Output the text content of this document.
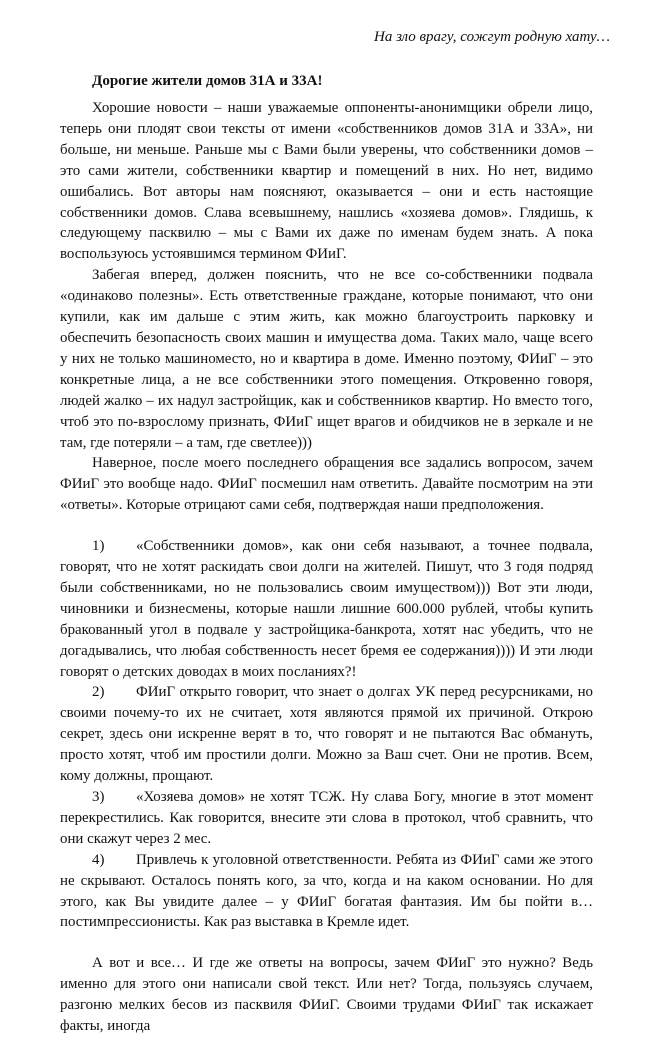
На зло врагу, сожгут родную хату…
Дорогие жители домов 31А и 33А!

Хорошие новости – наши уважаемые оппоненты-анонимщики обрели лицо, теперь они плодят свои тексты от имени «собственников домов 31А и 33А», ни больше, ни меньше. Раньше мы с Вами были уверены, что собственники домов – это сами жители, собственники квартир и помещений в них. Но нет, видимо ошибались. Вот авторы нам поясняют, оказывается – они и есть настоящие собственники домов. Слава всевышнему, нашлись «хозяева домов». Глядишь, к следующему пасквилю – мы с Вами их даже по именам будем знать. А пока воспользуюсь устоявшимся термином ФИиГ.

Забегая вперед, должен пояснить, что не все со-собственники подвала «одинаково полезны». Есть ответственные граждане, которые понимают, что они купили, как им дальше с этим жить, как можно благоустроить парковку и обеспечить безопасность своих машин и имущества дома. Таких мало, чаще всего у них не только машиноместо, но и квартира в доме. Именно поэтому, ФИиГ – это конкретные лица, а не все собственники этого помещения. Откровенно говоря, людей жалко – их надул застройщик, как и собственников квартир. Но вместо того, чтоб это по-взрослому признать, ФИиГ ищет врагов и обидчиков не в зеркале и не там, где потеряли – а там, где светлее)))

Наверное, после моего последнего обращения все задались вопросом, зачем ФИиГ это вообще надо. ФИиГ посмешил нам ответить. Давайте посмотрим на эти «ответы». Которые отрицают сами себя, подтверждая наши предположения.

1) «Собственники домов», как они себя называют, а точнее подвала, говорят, что не хотят раскидать свои долги на жителей. Пишут, что 3 годя подряд были собственниками, но не пользовались своим имуществом))) Вот эти люди, чиновники и бизнесмены, которые нашли лишние 600.000 рублей, чтобы купить бракованный угол в подвале у застройщика-банкрота, хотят нас убедить, что не догадывались, что любая собственность несет бремя ее содержания)))) И эти люди говорят о детских доводах в моих посланиях?!

2) ФИиГ открыто говорит, что знает о долгах УК перед ресурсниками, но своими почему-то их не считает, хотя являются прямой их причиной. Открою секрет, здесь они искренне верят в то, что говорят и не пытаются Вас обмануть, просто хотят, чтоб им простили долги. Можно за Ваш счет. Они не против. Всем, кому должны, прощают.

3) «Хозяева домов» не хотят ТСЖ. Ну слава Богу, многие в этот момент перекрестились. Как говорится, внесите эти слова в протокол, чтоб сравнить, что они скажут через 2 мес.

4) Привлечь к уголовной ответственности. Ребята из ФИиГ сами же этого не скрывают. Осталось понять кого, за что, когда и на каком основании. Но для этого, как Вы увидите далее – у ФИиГ богатая фантазия. Им бы пойти в… постимпрессионисты. Как раз выставка в Кремле идет.

А вот и все… И где же ответы на вопросы, зачем ФИиГ это нужно? Ведь именно для этого они написали свой текст. Или нет? Тогда, пользуясь случаем, разгоню мелких бесов из пасквиля ФИиГ. Своими трудами ФИиГ так искажает факты, иногда
